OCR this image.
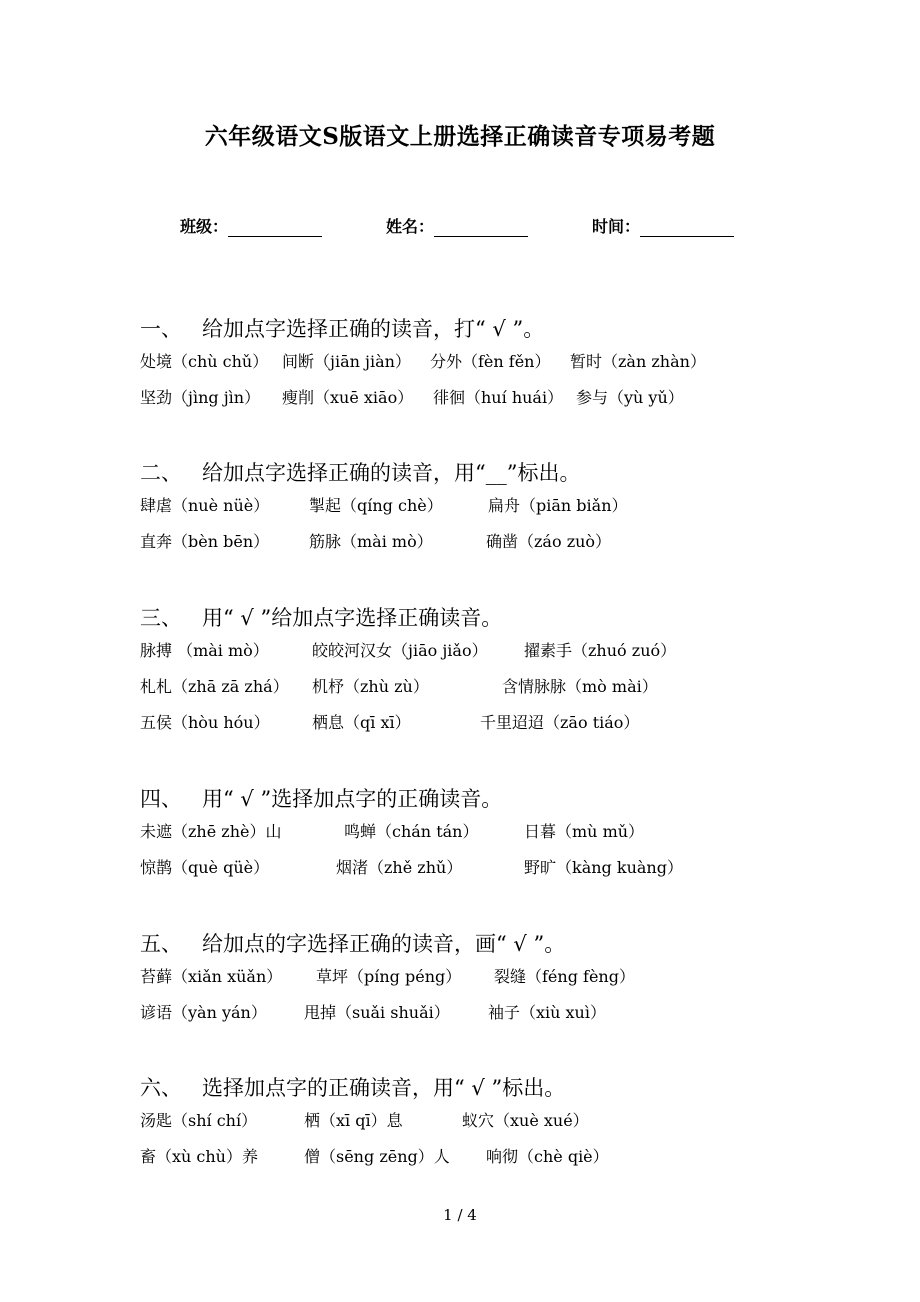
六年级语文S版语文上册选择正确读音专项易考题
班级：	姓名：	时间：
一、 给加点字选择正确的读音，打“ √ ”。
处境（chù chǔ） 间断（jiān jiàn） 分外（fèn fěn） 暂时（zàn zhàn）
坚劲（jìng jìn） 瘦削（xuē xiāo） 徘徊（huí huái） 参与（yù yǔ）
二、 给加点字选择正确的读音，用“__”标出。
肆虐（nuè nüè） 掣起（qíng chè）	扁舟（piān biǎn）
直奔（bèn bēn） 筋脉（mài mò）	确凿（záo zuò）
三、 用“ √ ”给加点字选择正确读音。
脉搏 （mài mò）	皎皎河汉女（jiāo jiǎo） 擢素手（zhuó zuó）
札札（zhā zā zhá） 机杼（zhù zù）	含情脉脉（mò mài）
五侯（hòu hóu）	栖息（qī xī）	千里迢迢（zāo tiáo）
四、 用“ √ ”选择加点字的正确读音。
未遮（zhē zhè）山	鸣蝉（chán tán）	日暮（mù mǔ）
惊鹊（què qüè）	烟渚（zhě zhǔ）	野旷（kàng kuàng）
五、 给加点的字选择正确的读音，画“ √ ”。
苔藓（xiǎn xüǎn） 草坪（píng péng） 裂缝（féng fèng）
谚语（yàn yán） 甩掉（suǎi shuǎi） 袖子（xiù xuì）
六、 选择加点字的正确读音，用“ √ ”标出。
汤匙（shí chí）	栖（xī qī）息	蚁穴（xuè xué）
畜（xù chù）养	僧（sēng zēng）人 响彻（chè qiè）
1 / 4
